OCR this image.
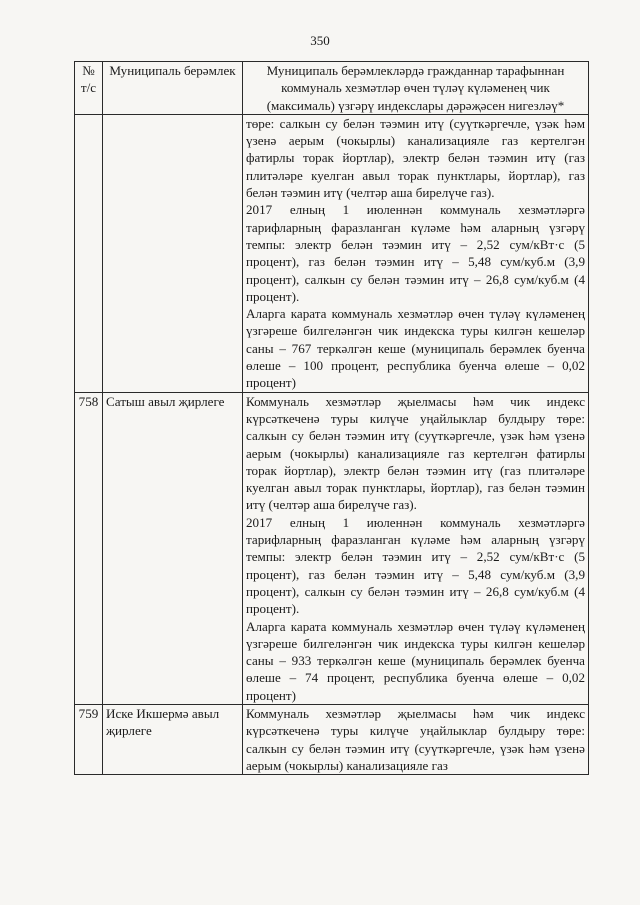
350
№ т/с	Муниципаль берәмлек	Муниципаль берәмлекләрдә гражданнар тарафыннан коммуналь хезмәтләр өчен түләү күләменең чик (максималь) үзгәрү индекслары дәрәҗәсен нигезләү*

		төре: салкын су белән тәэмин итү (суүткәргечле, үзәк һәм үзенә аерым (чокырлы) канализацияле газ кертелгән фатирлы торак йортлар), электр белән тәэмин итү (газ плитәләре куелган авыл торак пунктлары, йортлар), газ белән тәэмин итү (челтәр аша бирелүче газ).

2017 елның 1 июленнән коммуналь хезмәтләргә тарифларның фаразланган күләме һәм аларның үзгәрү темпы: электр белән тәэмин итү – 2,52 сум/кВт·с (5 процент), газ белән тәэмин итү – 5,48 сум/куб.м (3,9 процент), салкын су белән тәэмин итү – 26,8 сум/куб.м (4 процент).

Аларга карата коммуналь хезмәтләр өчен түләү күләменең үзгәреше билгеләнгән чик индекска туры килгән кешеләр саны – 767 теркәлгән кеше (муниципаль берәмлек буенча өлеше – 100 процент, республика буенча өлеше – 0,02 процент)

758	Сатыш авыл җирлеге	Коммуналь хезмәтләр җыелмасы һәм чик индекс күрсәткеченә туры килүче уңайлыклар булдыру төре: салкын су белән тәэмин итү (суүткәргечле, үзәк һәм үзенә аерым (чокырлы) канализацияле газ кертелгән фатирлы торак йортлар), электр белән тәэмин итү (газ плитәләре куелган авыл торак пунктлары, йортлар), газ белән тәэмин итү (челтәр аша бирелүче газ).

2017 елның 1 июленнән коммуналь хезмәтләргә тарифларның фаразланган күләме һәм аларның үзгәрү темпы: электр белән тәэмин итү – 2,52 сум/кВт·с (5 процент), газ белән тәэмин итү – 5,48 сум/куб.м (3,9 процент), салкын су белән тәэмин итү – 26,8 сум/куб.м (4 процент).

Аларга карата коммуналь хезмәтләр өчен түләү күләменең үзгәреше билгеләнгән чик индекска туры килгән кешеләр саны – 933 теркәлгән кеше (муниципаль берәмлек буенча өлеше – 74 процент, республика буенча өлеше – 0,02 процент)

759	Иске Икшермә авыл җирлеге	Коммуналь хезмәтләр җыелмасы һәм чик индекс күрсәткеченә туры килүче уңайлыклар булдыру төре: салкын су белән тәэмин итү (суүткәргечле, үзәк һәм үзенә аерым (чокырлы) канализацияле газ
